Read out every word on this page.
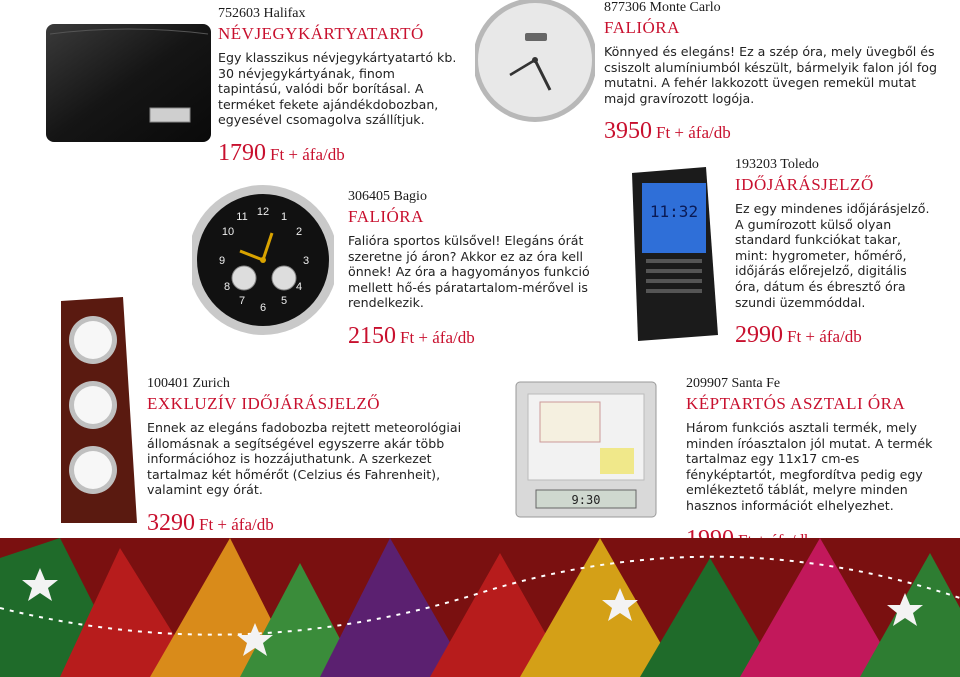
12 1
2
3
4
5
6
7
8
9
10
11	11:32
9:30
752603 Halifax
NÉVJEGYKÁRTYATARTÓ
Egy klasszikus névjegykártyatartó kb. 30 névjegykártyának, finom tapintású, valódi bőr borításal. A terméket fekete ajándékdobozban, egyesével csomagolva szállítjuk.
1790 Ft + áfa/db
877306 Monte Carlo
FALIÓRA
Könnyed és elegáns! Ez a szép óra, mely üvegből és csiszolt alumíniumból készült, bármelyik falon jól fog mutatni. A fehér lakkozott üvegen remekül mutat majd gravírozott logója.
3950 Ft + áfa/db
306405 Bagio
FALIÓRA
Falióra sportos külsővel! Elegáns órát szeretne jó áron? Akkor ez az óra kell önnek! Az óra a hagyományos funkció mellett hő-és páratartalom-mérővel is rendelkezik.
2150 Ft + áfa/db
193203 Toledo
IDŐJÁRÁSJELZŐ
Ez egy mindenes időjárásjelző. A gumírozott külső olyan standard funkciókat takar, mint: hygrometer, hőmérő, időjárás előrejelző, digitális óra, dátum és ébresztő óra szundi üzemmóddal.
2990 Ft + áfa/db
100401 Zurich
EXKLUZÍV IDŐJÁRÁSJELZŐ
Ennek az elegáns fadobozba rejtett meteorológiai állomásnak a segítségével egyszerre akár több információhoz is hozzájuthatunk. A szerkezet tartalmaz két hőmérőt (Celzius és Fahrenheit), valamint egy órát.
3290 Ft + áfa/db
209907 Santa Fe
KÉPTARTÓS ASZTALI ÓRA
Három funkciós asztali termék, mely minden íróasztalon jól mutat. A termék tartalmaz egy 11x17 cm-es fényképtartót, megfordítva pedig egy emlékeztető táblát, melyre minden hasznos információt elhelyezhet.
